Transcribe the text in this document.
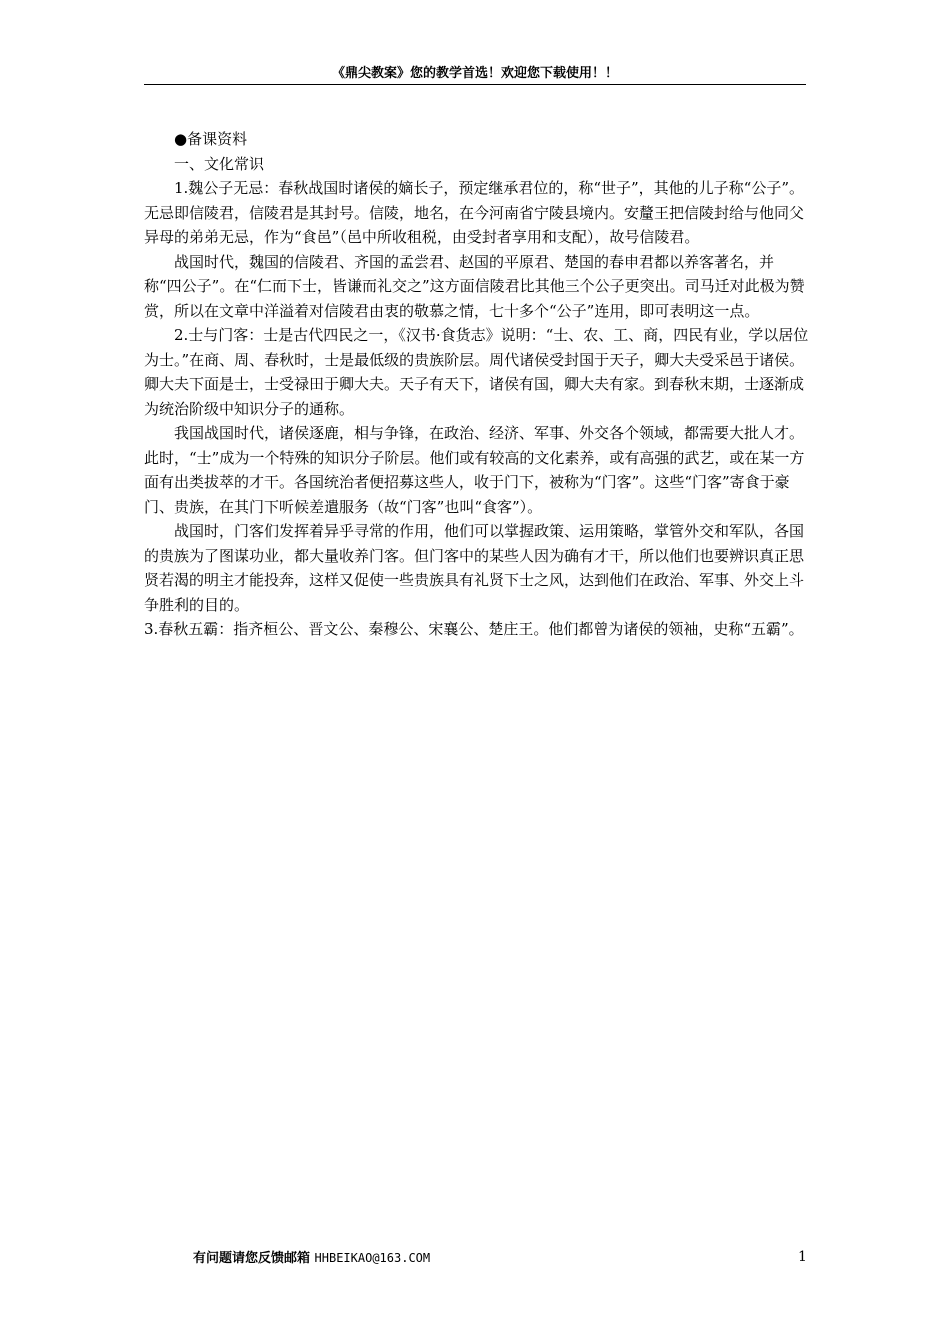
《鼎尖教案》您的教学首选！欢迎您下载使用！！

●备课资料

一、文化常识

1.魏公子无忌：春秋战国时诸侯的嫡长子，预定继承君位的，称“世子”，其他的儿子称“公子”。无忌即信陵君，信陵君是其封号。信陵，地名，在今河南省宁陵县境内。安釐王把信陵封给与他同父异母的弟弟无忌，作为“食邑”（邑中所收租税，由受封者享用和支配），故号信陵君。

战国时代，魏国的信陵君、齐国的孟尝君、赵国的平原君、楚国的春申君都以养客著名，并称“四公子”。在“仁而下士，皆谦而礼交之”这方面信陵君比其他三个公子更突出。司马迁对此极为赞赏，所以在文章中洋溢着对信陵君由衷的敬慕之情，七十多个“公子”连用，即可表明这一点。

2.士与门客：士是古代四民之一，《汉书·食货志》说明：“士、农、工、商，四民有业，学以居位为士。”在商、周、春秋时，士是最低级的贵族阶层。周代诸侯受封国于天子，卿大夫受采邑于诸侯。卿大夫下面是士，士受禄田于卿大夫。天子有天下，诸侯有国，卿大夫有家。到春秋末期，士逐渐成为统治阶级中知识分子的通称。

我国战国时代，诸侯逐鹿，相与争锋，在政治、经济、军事、外交各个领域，都需要大批人才。此时，“士”成为一个特殊的知识分子阶层。他们或有较高的文化素养，或有高强的武艺，或在某一方面有出类拔萃的才干。各国统治者便招募这些人，收于门下，被称为“门客”。这些“门客”寄食于豪门、贵族，在其门下听候差遣服务（故“门客”也叫“食客”）。

战国时，门客们发挥着异乎寻常的作用，他们可以掌握政策、运用策略，掌管外交和军队，各国的贵族为了图谋功业，都大量收养门客。但门客中的某些人因为确有才干，所以他们也要辨识真正思贤若渴的明主才能投奔，这样又促使一些贵族具有礼贤下士之风，达到他们在政治、军事、外交上斗争胜利的目的。

3.春秋五霸：指齐桓公、晋文公、秦穆公、宋襄公、楚庄王。他们都曾为诸侯的领袖，史称“五霸”。

有问题请您反馈邮箱 HHBEIKAO@163.COM	1
